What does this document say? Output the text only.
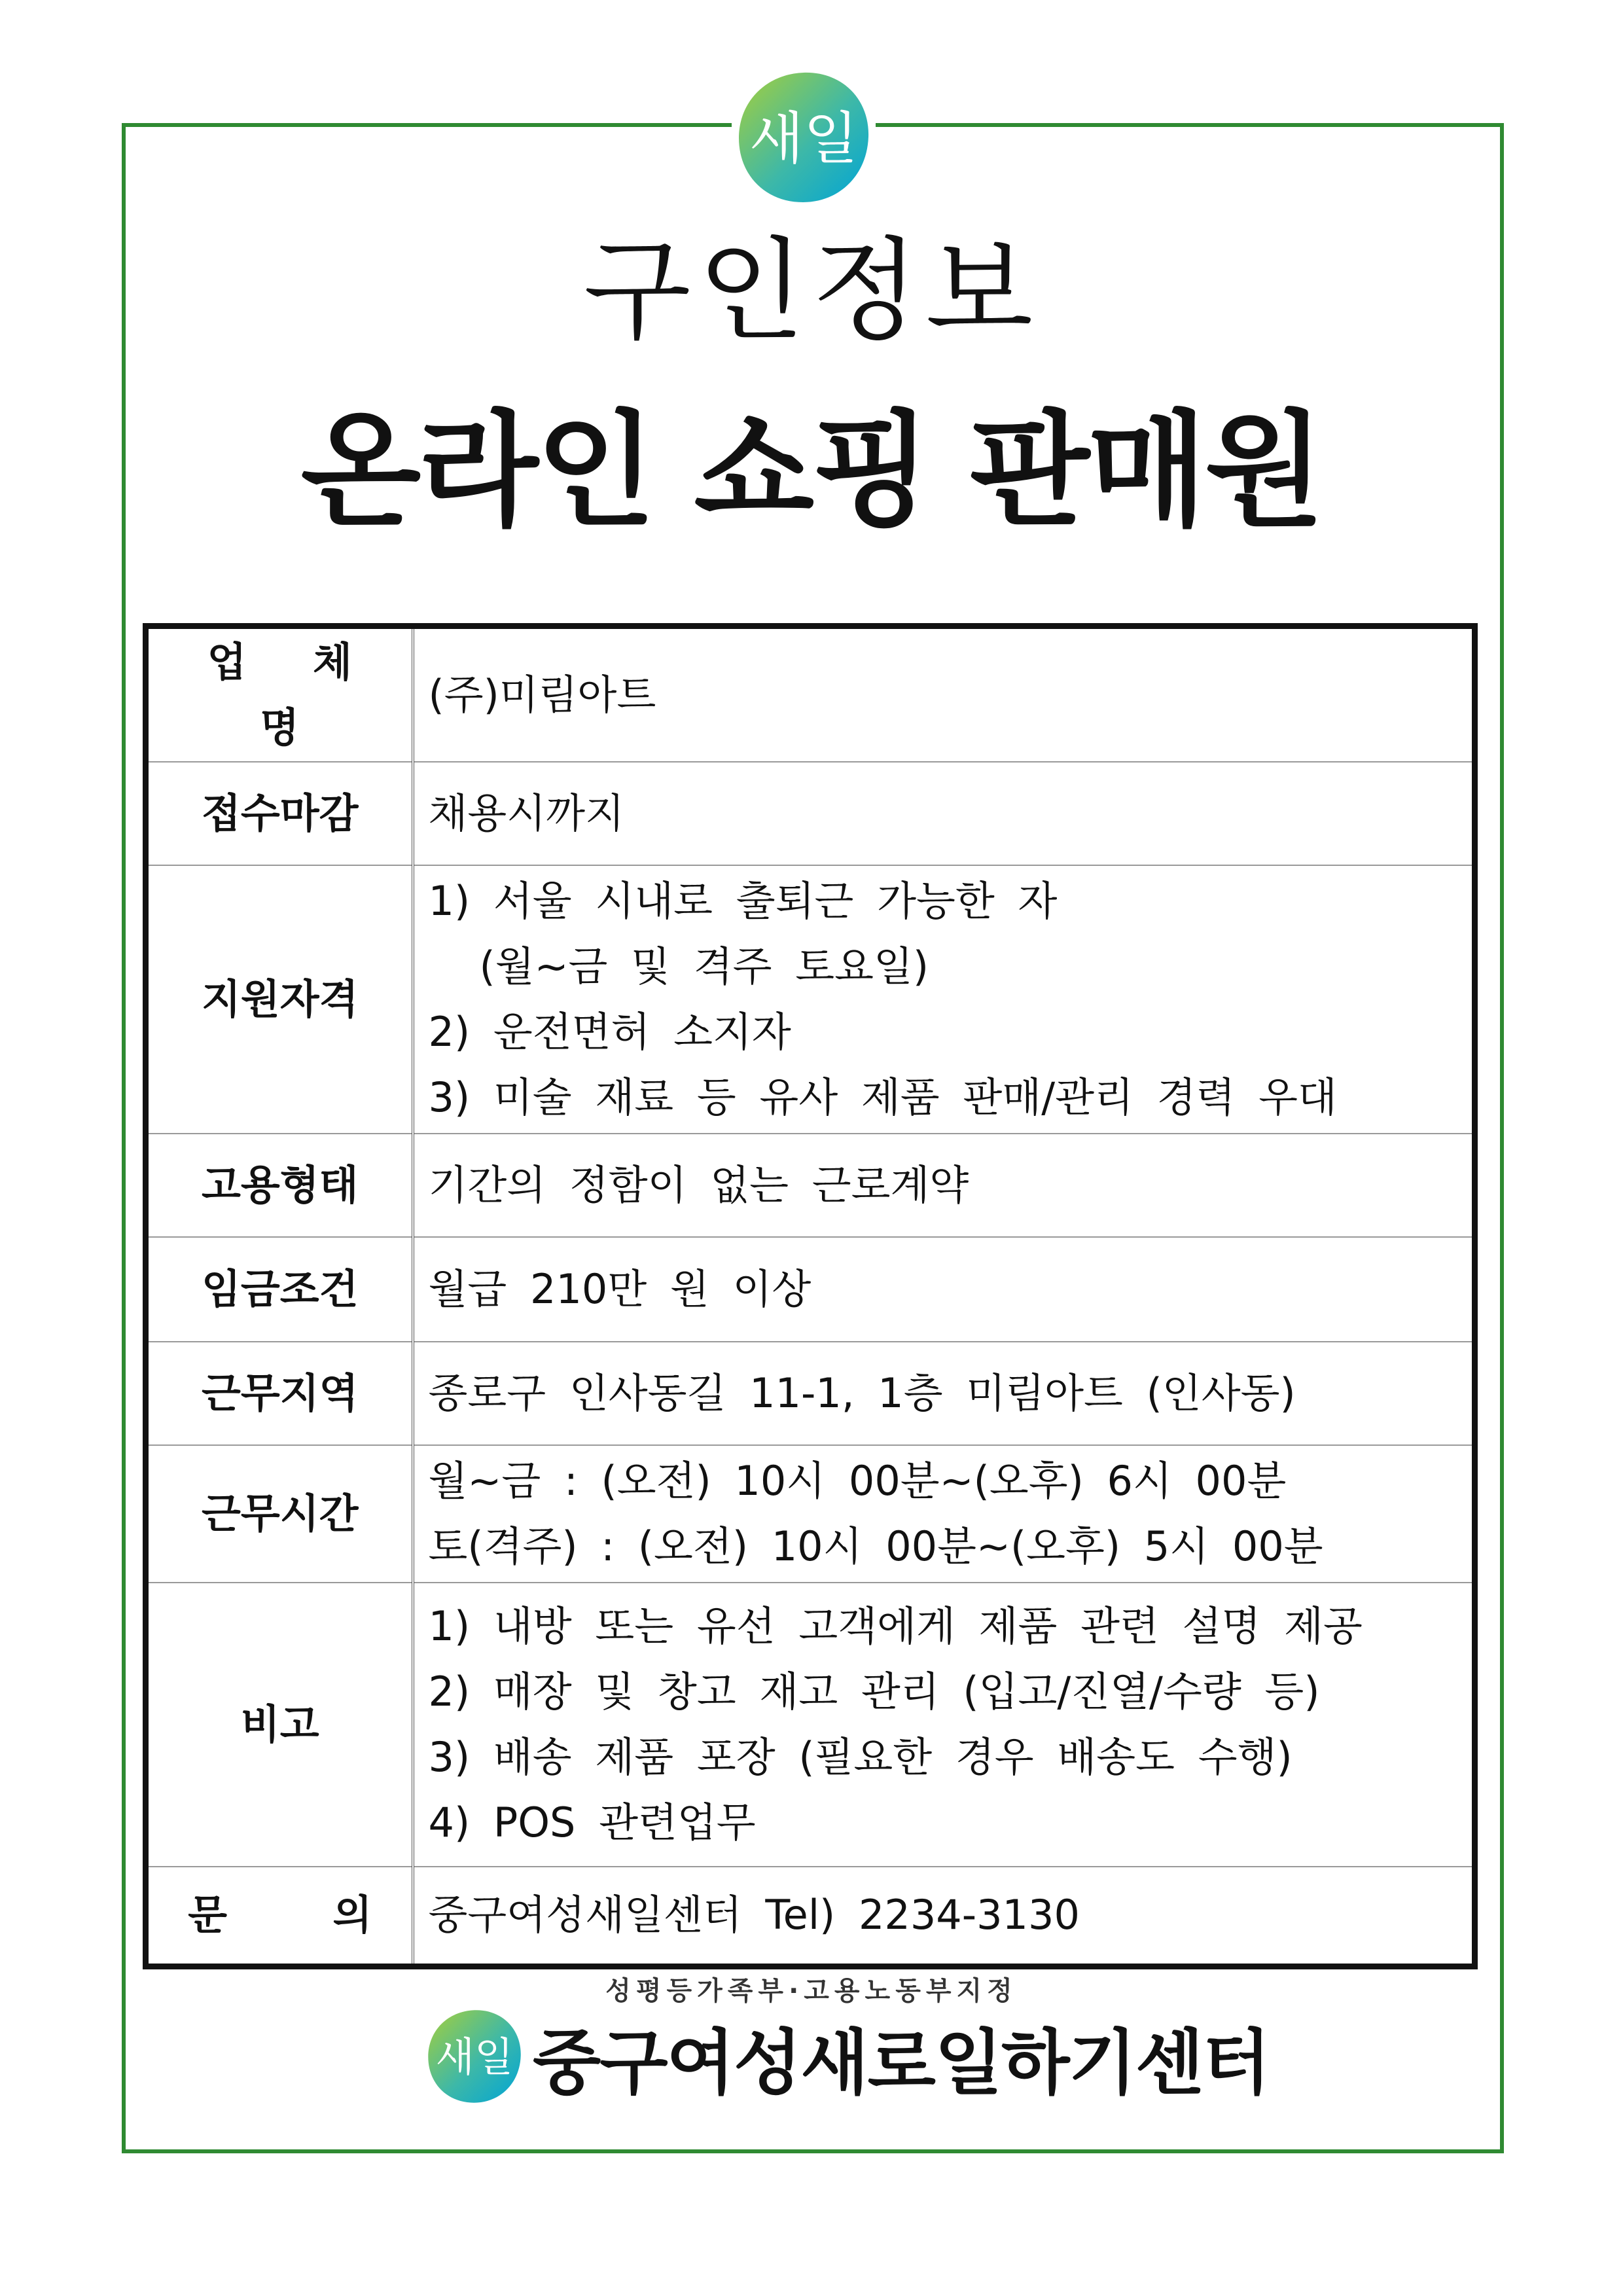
새일
구인정보
온라인 쇼핑 판매원
업 체 명	(주)미림아트
접수마감	채용시까지
지원자격	1) 서울 시내로 출퇴근 가능한 자
(월~금 및 격주 토요일)
2) 운전면허 소지자
3) 미술 재료 등 유사 제품 판매/관리 경력 우대

고용형태	기간의 정함이 없는 근로계약
임금조건	월급 210만 원 이상
근무지역	종로구 인사동길 11-1, 1층 미림아트 (인사동)
근무시간	월~금 : (오전) 10시 00분~(오후) 6시 00분
토(격주) : (오전) 10시 00분~(오후) 5시 00분

비고	1) 내방 또는 유선 고객에게 제품 관련 설명 제공
2) 매장 및 창고 재고 관리 (입고/진열/수량 등)
3) 배송 제품 포장 (필요한 경우 배송도 수행)
4) POS 관련업무

문 의	중구여성새일센터 Tel) 2234-3130
성평등가족부·고용노동부지정
새일 중구여성새로일하기센터
